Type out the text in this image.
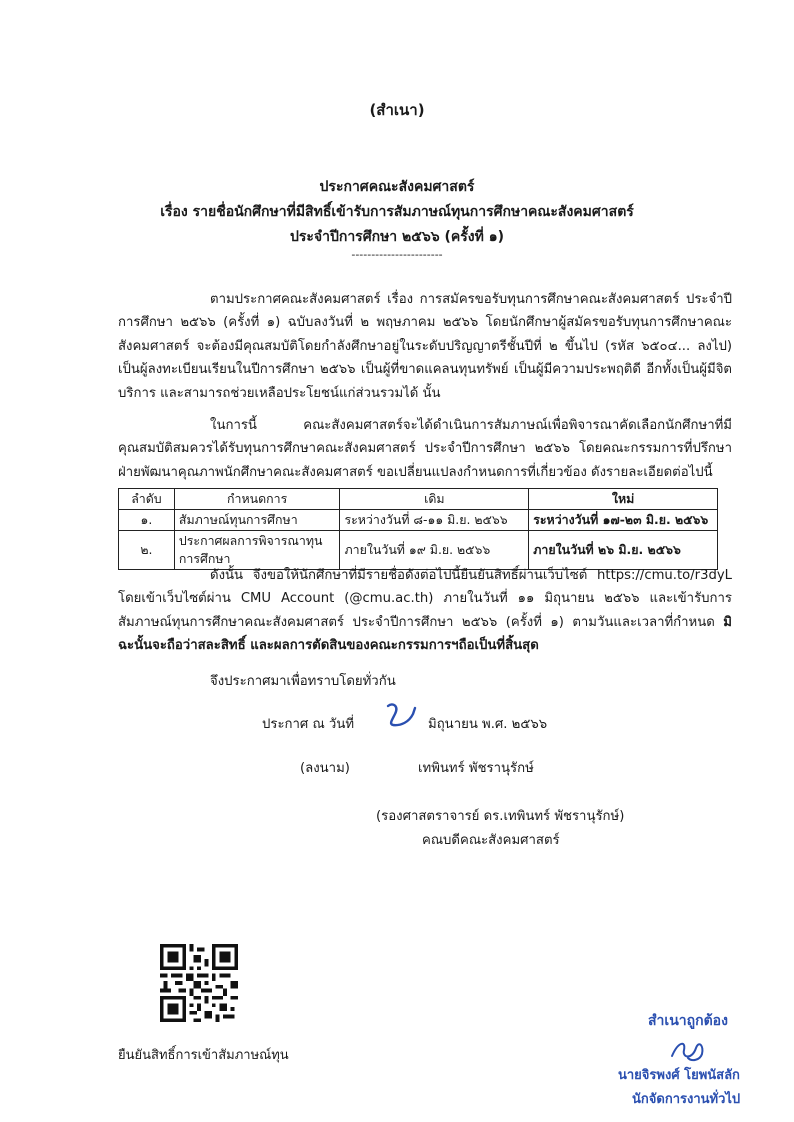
(สำเนา)
ประกาศคณะสังคมศาสตร์
เรื่อง รายชื่อนักศึกษาที่มีสิทธิ์เข้ารับการสัมภาษณ์ทุนการศึกษาคณะสังคมศาสตร์
ประจำปีการศึกษา ๒๕๖๖ (ครั้งที่ ๑)
-----------------------

ตามประกาศคณะสังคมศาสตร์ เรื่อง การสมัครขอรับทุนการศึกษาคณะสังคมศาสตร์ ประจำปีการศึกษา ๒๕๖๖ (ครั้งที่ ๑) ฉบับลงวันที่ ๒ พฤษภาคม ๒๕๖๖ โดยนักศึกษาผู้สมัครขอรับทุนการศึกษาคณะสังคมศาสตร์ จะต้องมีคุณสมบัติโดยกำลังศึกษาอยู่ในระดับปริญญาตรีชั้นปีที่ ๒ ขึ้นไป (รหัส ๖๕๐๔... ลงไป) เป็นผู้ลงทะเบียนเรียนในปีการศึกษา ๒๕๖๖ เป็นผู้ที่ขาดแคลนทุนทรัพย์ เป็นผู้มีความประพฤติดี อีกทั้งเป็นผู้มีจิตบริการ และสามารถช่วยเหลือประโยชน์แก่ส่วนรวมได้ นั้น

ในการนี้ คณะสังคมศาสตร์จะได้ดำเนินการสัมภาษณ์เพื่อพิจารณาคัดเลือกนักศึกษาที่มีคุณสมบัติสมควรได้รับทุนการศึกษาคณะสังคมศาสตร์ ประจำปีการศึกษา ๒๕๖๖ โดยคณะกรรมการที่ปรึกษาฝ่ายพัฒนาคุณภาพนักศึกษาคณะสังคมศาสตร์ ขอเปลี่ยนแปลงกำหนดการที่เกี่ยวข้อง ดังรายละเอียดต่อไปนี้

ลำดับ	กำหนดการ	เดิม	ใหม่
๑.	สัมภาษณ์ทุนการศึกษา	ระหว่างวันที่ ๘-๑๑ มิ.ย. ๒๕๖๖	ระหว่างวันที่ ๑๗-๒๓ มิ.ย. ๒๕๖๖
๒.	ประกาศผลการพิจารณาทุนการศึกษา	ภายในวันที่ ๑๙ มิ.ย. ๒๕๖๖	ภายในวันที่ ๒๖ มิ.ย. ๒๕๖๖

ดังนั้น จึงขอให้นักศึกษาที่มีรายชื่อดังต่อไปนี้ยืนยันสิทธิ์ผ่านเว็บไซต์ https://cmu.to/r3dyL โดยเข้าเว็บไซต์ผ่าน CMU Account (@cmu.ac.th) ภายในวันที่ ๑๑ มิถุนายน ๒๕๖๖ และเข้ารับการสัมภาษณ์ทุนการศึกษาคณะสังคมศาสตร์ ประจำปีการศึกษา ๒๕๖๖ (ครั้งที่ ๑) ตามวันและเวลาที่กำหนด มิฉะนั้นจะถือว่าสละสิทธิ์ และผลการตัดสินของคณะกรรมการฯถือเป็นที่สิ้นสุด

จึงประกาศมาเพื่อทราบโดยทั่วกัน
ประกาศ ณ วันที่	มิถุนายน พ.ศ. ๒๕๖๖
(ลงนาม)	เทพินทร์ พัชรานุรักษ์
(รองศาสตราจารย์ ดร.เทพินทร์ พัชรานุรักษ์)
คณบดีคณะสังคมศาสตร์
ยืนยันสิทธิ์การเข้าสัมภาษณ์ทุน
สำเนาถูกต้อง
นายจิรพงศ์ โยพนัสลัก
นักจัดการงานทั่วไป
